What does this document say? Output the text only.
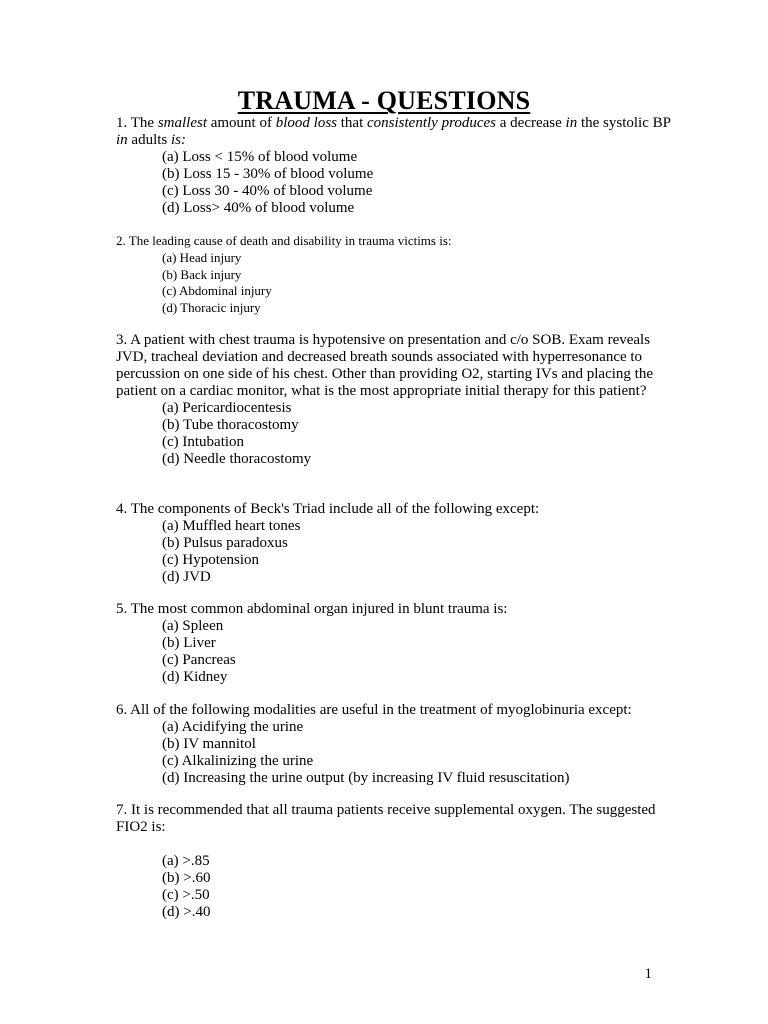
TRAUMA - QUESTIONS

1. The smallest amount of blood loss that consistently produces a decrease in the systolic BP in adults is:

(a) Loss < 15% of blood volume
(b) Loss 15 - 30% of blood volume
(c) Loss 30 - 40% of blood volume
(d) Loss> 40% of blood volume

2. The leading cause of death and disability in trauma victims is:

(a) Head injury
(b) Back injury
(c) Abdominal injury
(d) Thoracic injury

3. A patient with chest trauma is hypotensive on presentation and c/o SOB. Exam reveals JVD, tracheal deviation and decreased breath sounds associated with hyperresonance to percussion on one side of his chest. Other than providing O2, starting IVs and placing the patient on a cardiac monitor, what is the most appropriate initial therapy for this patient?

(a) Pericardiocentesis
(b) Tube thoracostomy
(c) Intubation
(d) Needle thoracostomy

4. The components of Beck's Triad include all of the following except:

(a) Muffled heart tones
(b) Pulsus paradoxus
(c) Hypotension
(d) JVD

5. The most common abdominal organ injured in blunt trauma is:

(a) Spleen
(b) Liver
(c) Pancreas
(d) Kidney

6. All of the following modalities are useful in the treatment of myoglobinuria except:

(a) Acidifying the urine
(b) IV mannitol
(c) Alkalinizing the urine
(d) Increasing the urine output (by increasing IV fluid resuscitation)

7. It is recommended that all trauma patients receive supplemental oxygen. The suggested FIO2 is:

(a) >.85
(b) >.60
(c) >.50
(d) >.40
1
